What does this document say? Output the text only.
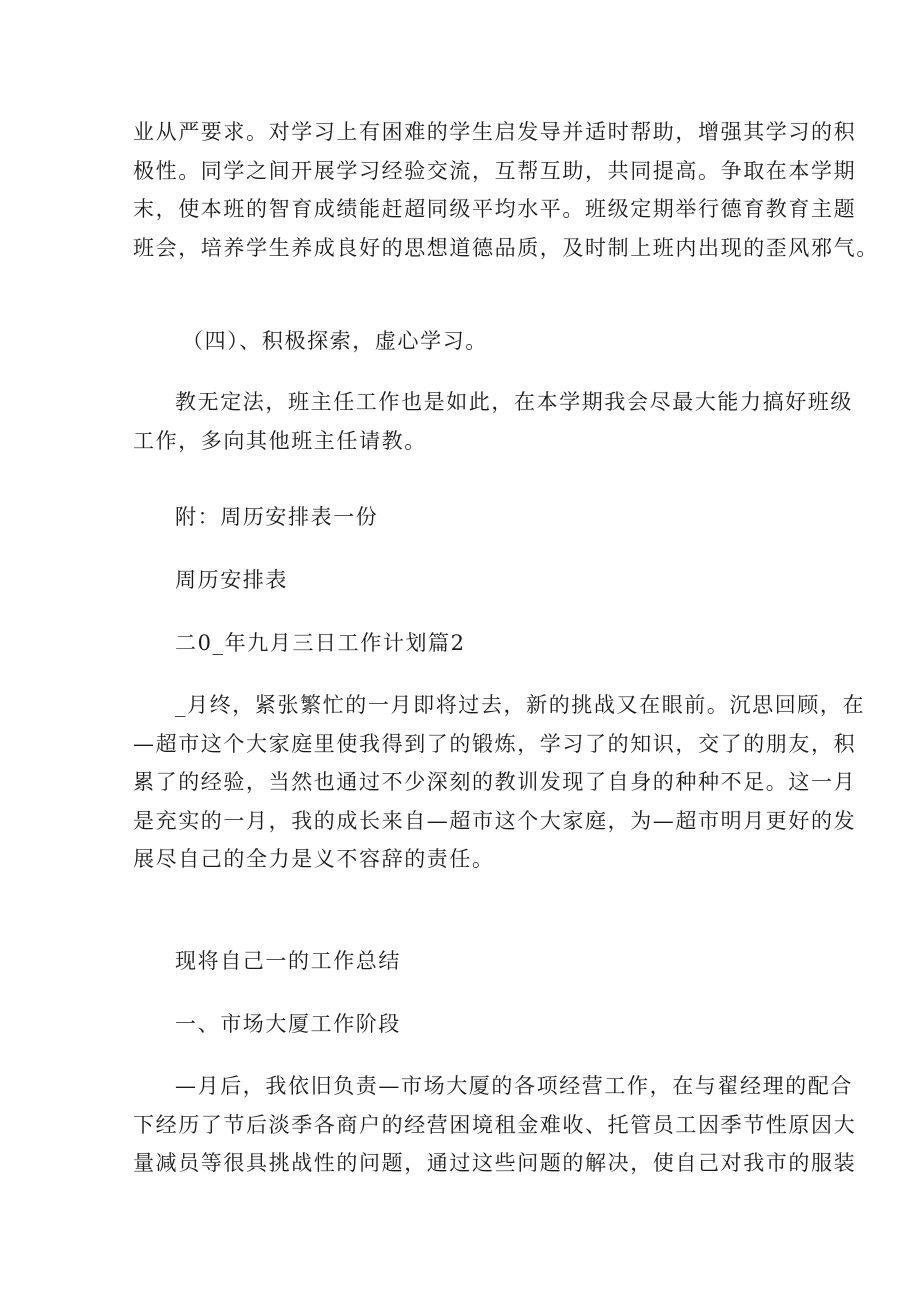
业从严要求。对学习上有困难的学生启发导并适时帮助，增强其学习的积
极性。同学之间开展学习经验交流，互帮互助，共同提高。争取在本学期
末，使本班的智育成绩能赶超同级平均水平。班级定期举行德育教育主题
班会，培养学生养成良好的思想道德品质，及时制上班内出现的歪风邪气。
（四）、积极探索，虚心学习。
教无定法，班主任工作也是如此，在本学期我会尽最大能力搞好班级
工作，多向其他班主任请教。
附：周历安排表一份
周历安排表
二0_年九月三日工作计划篇2
_月终，紧张繁忙的一月即将过去，新的挑战又在眼前。沉思回顾，在
—超市这个大家庭里使我得到了的锻炼，学习了的知识，交了的朋友，积
累了的经验，当然也通过不少深刻的教训发现了自身的种种不足。这一月
是充实的一月，我的成长来自—超市这个大家庭，为—超市明月更好的发
展尽自己的全力是义不容辞的责任。
现将自己一的工作总结
一、市场大厦工作阶段
—月后，我依旧负责—市场大厦的各项经营工作，在与翟经理的配合
下经历了节后淡季各商户的经营困境租金难收、托管员工因季节性原因大
量减员等很具挑战性的问题，通过这些问题的解决，使自己对我市的服装
